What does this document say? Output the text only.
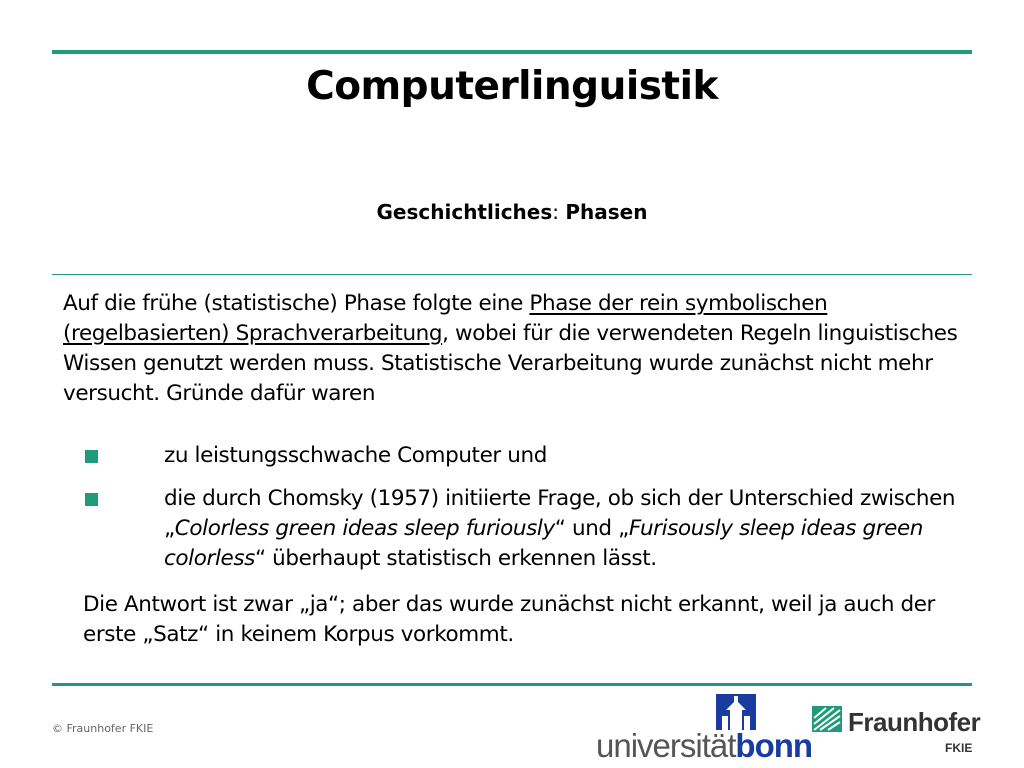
Computerlinguistik
Geschichtliches: Phasen
Auf die frühe (statistische) Phase folgte eine Phase der rein symbolischen (regelbasierten) Sprachverarbeitung, wobei für die verwendeten Regeln linguistisches Wissen genutzt werden muss. Statistische Verarbeitung wurde zunächst nicht mehr versucht. Gründe dafür waren
zu leistungsschwache Computer und
die durch Chomsky (1957) initiierte Frage, ob sich der Unterschied zwischen „Colorless green ideas sleep furiously“ und „Furisously sleep ideas green colorless“ überhaupt statistisch erkennen lässt.
Die Antwort ist zwar „ja“; aber das wurde zunächst nicht erkannt, weil ja auch der erste „Satz“ in keinem Korpus vorkommt.
© Fraunhofer FKIE	universitätbonn
Fraunhofer
FKIE
